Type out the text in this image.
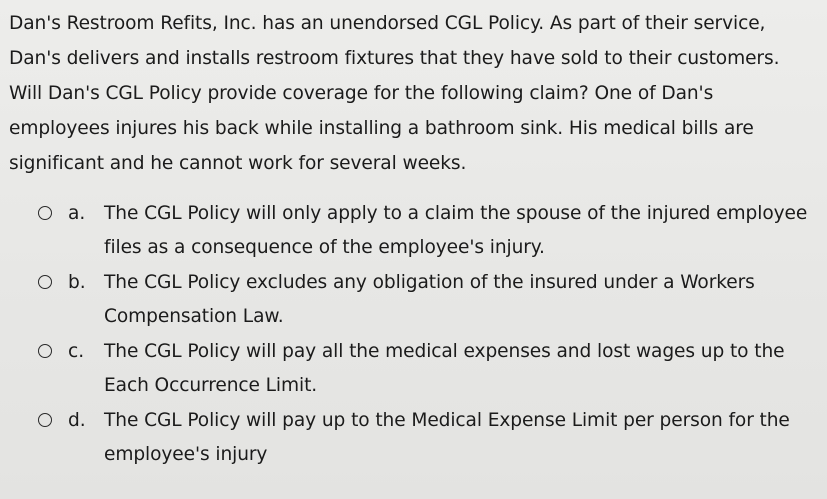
Dan's Restroom Refits, Inc. has an unendorsed CGL Policy. As part of their service, Dan's delivers and installs restroom fixtures that they have sold to their customers. Will Dan's CGL Policy provide coverage for the following claim? One of Dan's employees injures his back while installing a bathroom sink. His medical bills are significant and he cannot work for several weeks.

a.	The CGL Policy will only apply to a claim the spouse of the injured employee files as a consequence of the employee's injury.
b. The CGL Policy excludes any obligation of the insured under a Workers Compensation Law.
c.	The CGL Policy will pay all the medical expenses and lost wages up to the Each Occurrence Limit.
d. The CGL Policy will pay up to the Medical Expense Limit per person for the employee's injury
